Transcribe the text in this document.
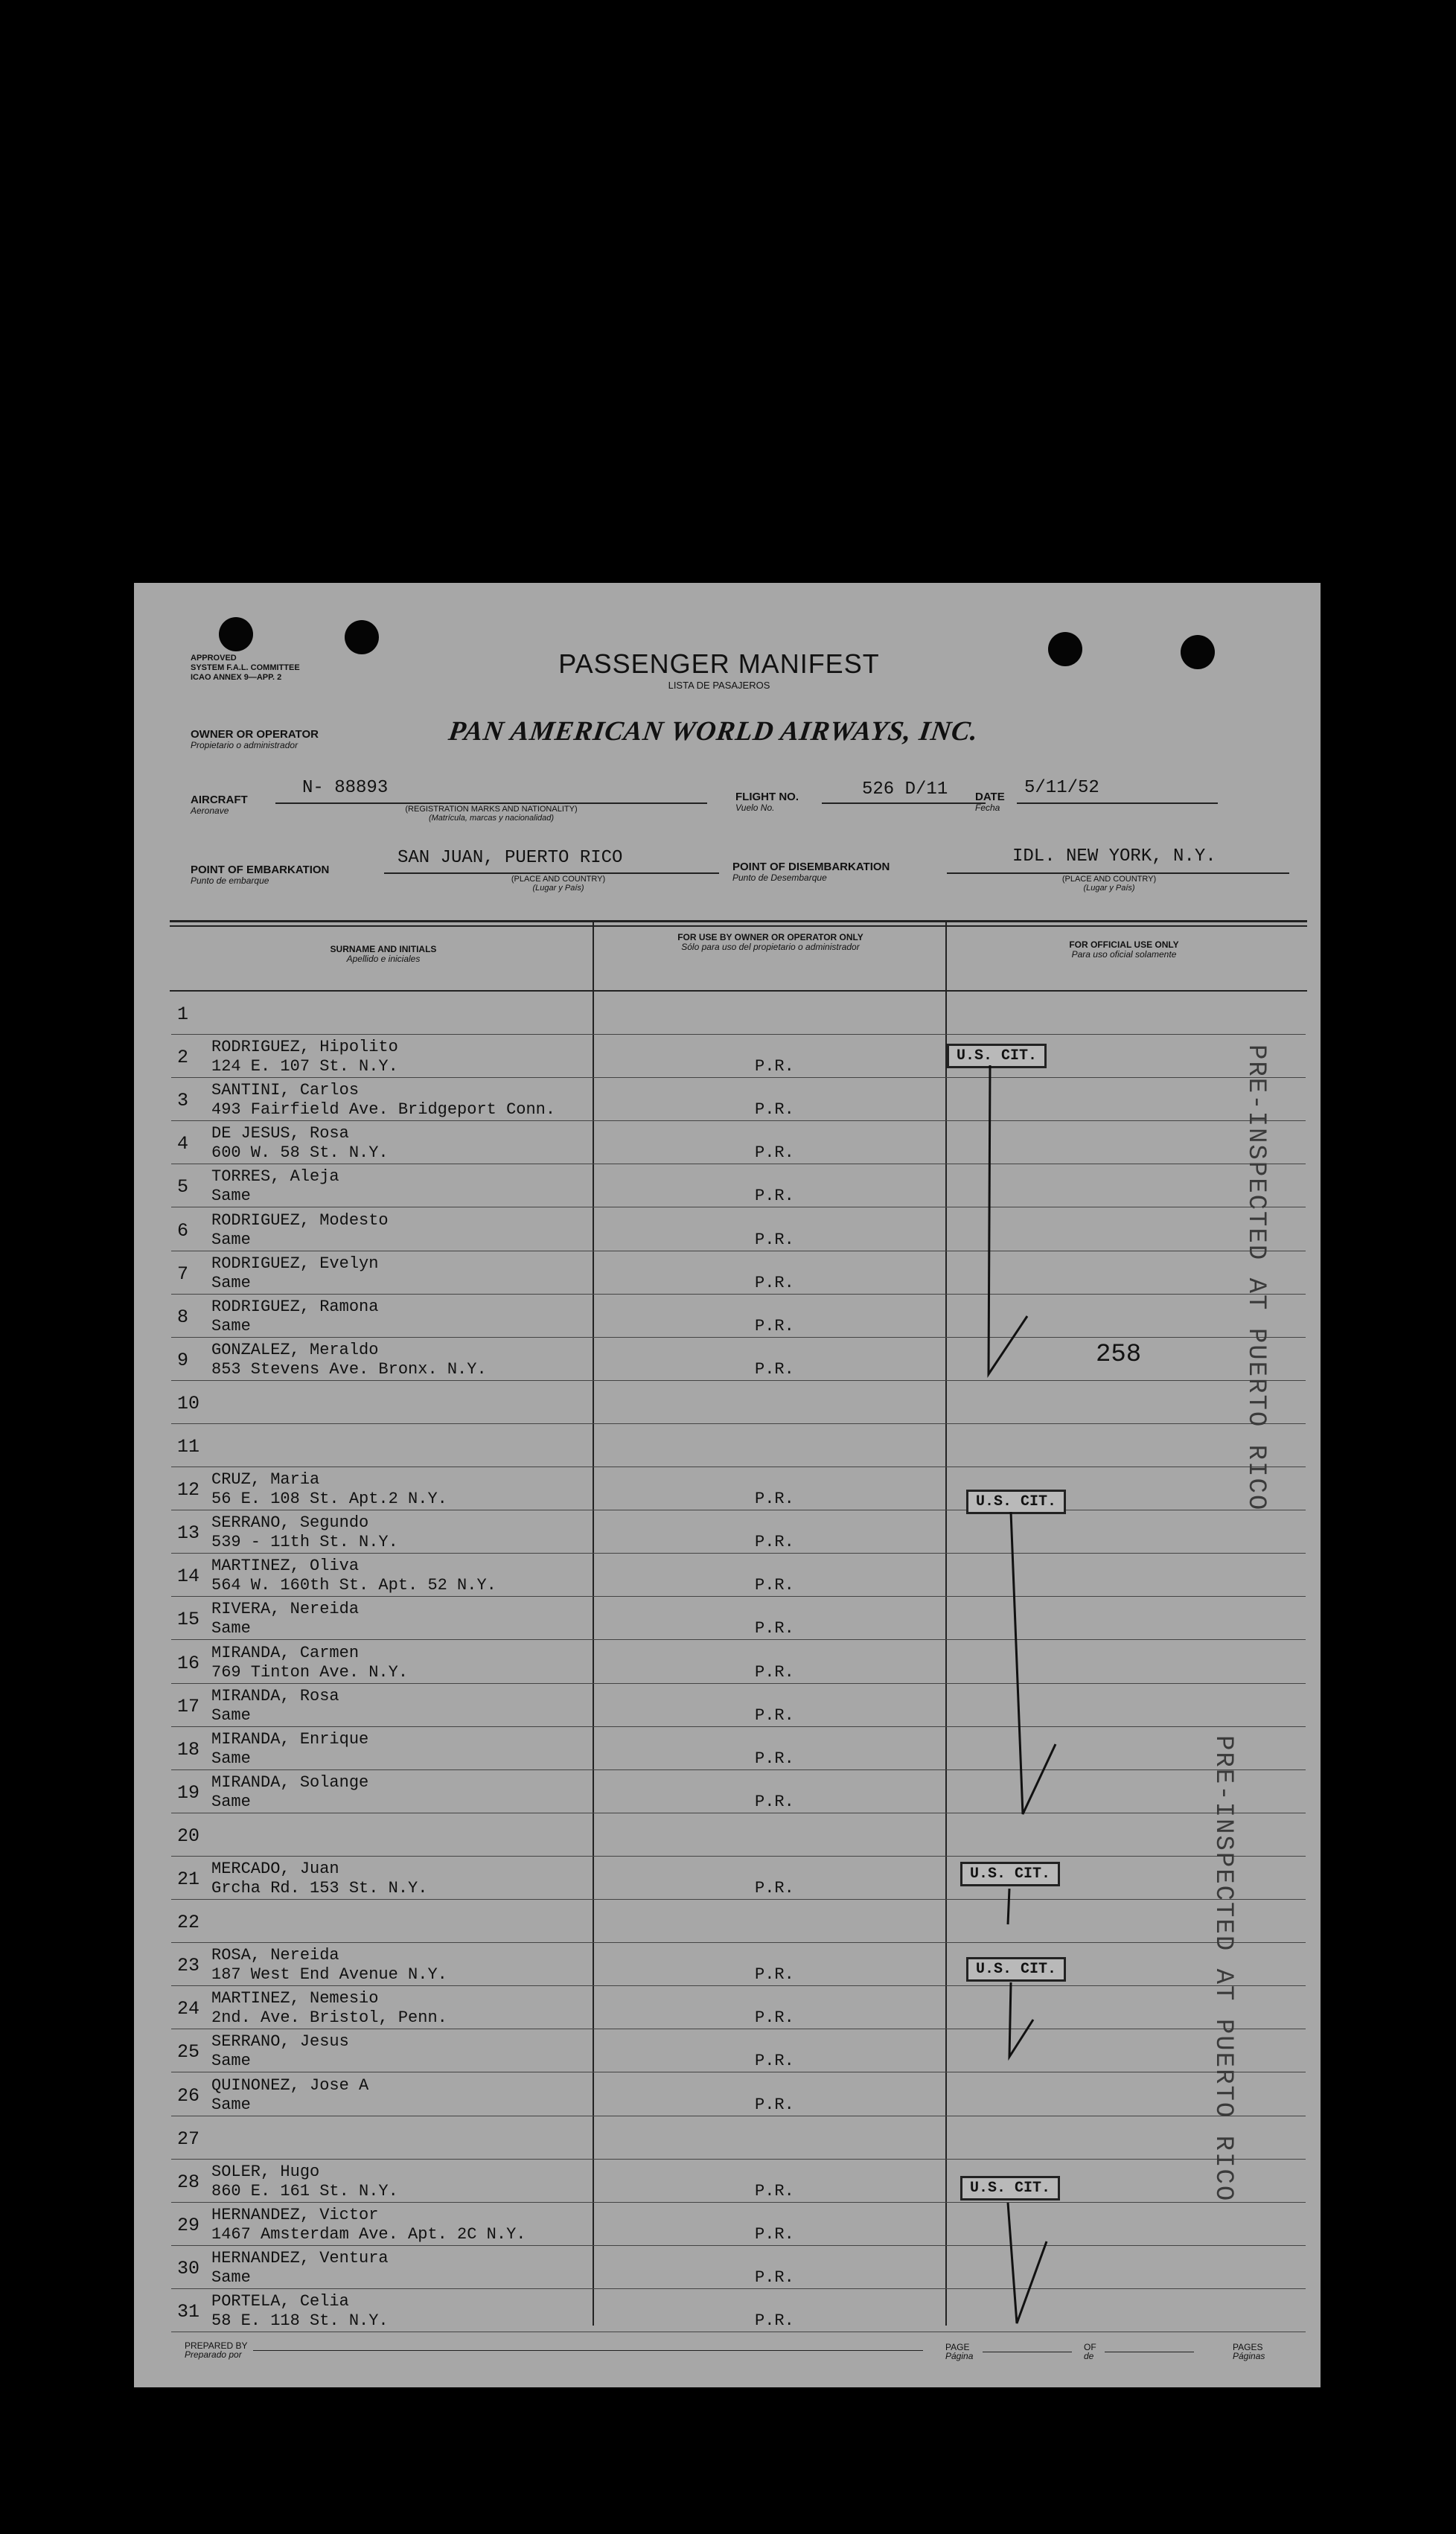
APPROVED
SYSTEM F.A.L. COMMITTEE
ICAO ANNEX 9—APP. 2	PASSENGER MANIFEST
LISTA DE PASAJEROS
OWNER OR OPERATOR
Propietario o administrador	PAN AMERICAN WORLD AIRWAYS, INC.
AIRCRAFT
Aeronave
N- 88893
(REGISTRATION MARKS AND NATIONALITY)
(Matrícula, marcas y nacionalidad)
FLIGHT NO.
Vuelo No.
526 D/11 DATE
Fecha
5/11/52
POINT OF EMBARKATION
Punto de embarque
SAN JUAN, PUERTO RICO
(PLACE AND COUNTRY)
(Lugar y País)
POINT OF DISEMBARKATION
Punto de Desembarque
IDL. NEW YORK, N.Y.
(PLACE AND COUNTRY)
(Lugar y País)
SURNAME AND INITIALS
Apellido e iniciales
FOR USE BY OWNER OR OPERATOR ONLY
Sólo para uso del propietario o administrador	FOR OFFICIAL USE ONLY
Para uso oficial solamente
1
2	RODRIGUEZ, Hipolito
124 E. 107 St. N.Y.	P.R.
3	SANTINI, Carlos
493 Fairfield Ave. Bridgeport Conn.	P.R.
4	DE JESUS, Rosa
600 W. 58 St. N.Y.	P.R.
5	TORRES, Aleja
Same	P.R.
6	RODRIGUEZ, Modesto
Same	P.R.
7	RODRIGUEZ, Evelyn
Same	P.R.
8	RODRIGUEZ, Ramona
Same	P.R.
9	GONZALEZ, Meraldo
853 Stevens Ave. Bronx. N.Y.	P.R.
10
11
12 CRUZ, Maria
56 E. 108 St. Apt.2 N.Y.	P.R.
13 SERRANO, Segundo
539 - 11th St. N.Y.	P.R.
14 MARTINEZ, Oliva
564 W. 160th St. Apt. 52 N.Y.	P.R.
15 RIVERA, Nereida
Same	P.R.
16 MIRANDA, Carmen
769 Tinton Ave. N.Y.	P.R.
17 MIRANDA, Rosa
Same	P.R.
18 MIRANDA, Enrique
Same	P.R.
19 MIRANDA, Solange
Same	P.R.
20
21 MERCADO, Juan
Grcha Rd. 153 St. N.Y.	P.R.
22
23 ROSA, Nereida
187 West End Avenue N.Y.	P.R.
24 MARTINEZ, Nemesio
2nd. Ave. Bristol, Penn.	P.R.
25 SERRANO, Jesus
Same	P.R.
26 QUINONEZ, Jose A
Same	P.R.
27
28 SOLER, Hugo
860 E. 161 St. N.Y.	P.R.
29 HERNANDEZ, Victor
1467 Amsterdam Ave. Apt. 2C N.Y.	P.R.
30 HERNANDEZ, Ventura
Same	P.R.
31 PORTELA, Celia
58 E. 118 St. N.Y.	P.R.
U.S. CIT.
U.S. CIT.
U.S. CIT.
U.S. CIT.
U.S. CIT.
258	PRE-INSPECTED AT PUERTO RICO
PRE-INSPECTED AT PUERTO RICO
PREPARED BY
Preparado por
PAGE
Página
OF
de
PAGES
Páginas
